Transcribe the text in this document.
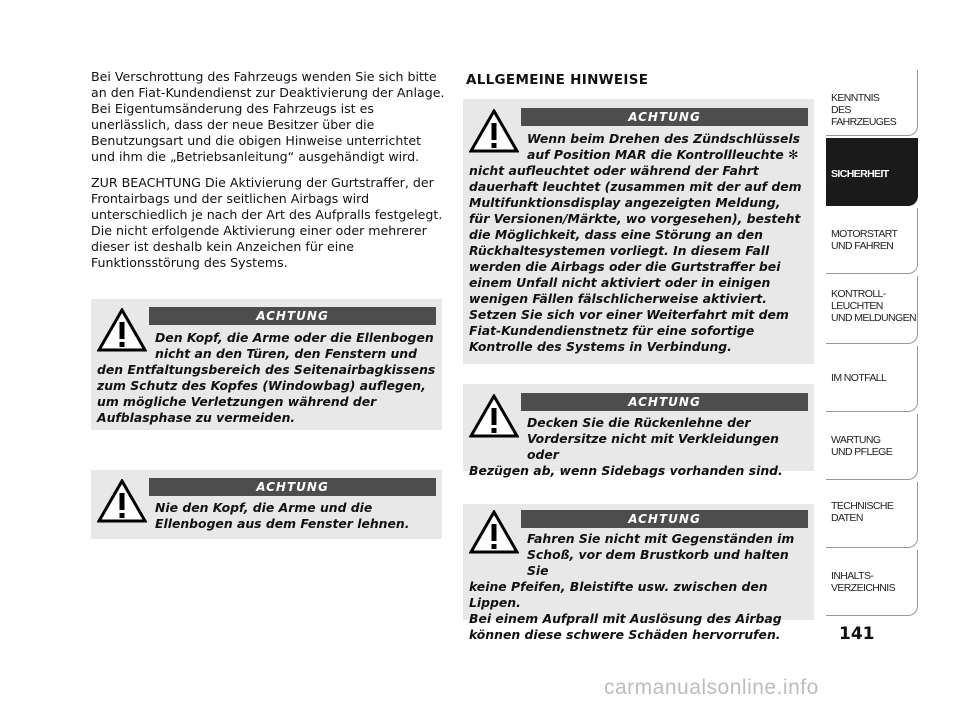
Bei Verschrottung des Fahrzeugs wenden Sie sich bitte an den Fiat-Kundendienst zur Deaktivierung der Anlage. Bei Eigentumsänderung des Fahrzeugs ist es unerlässlich, dass der neue Besitzer über die Benutzungsart und die obigen Hinweise unterrichtet und ihm die „Betriebsanleitung“ ausgehändigt wird.

ZUR BEACHTUNG Die Aktivierung der Gurtstraffer, der Frontairbags und der seitlichen Airbags wird unterschiedlich je nach der Art des Aufpralls festgelegt. Die nicht erfolgende Aktivierung einer oder mehrerer dieser ist deshalb kein Anzeichen für eine Funktionsstörung des Systems.

ALLGEMEINE HINWEISE
ACHTUNG
Den Kopf, die Arme oder die Ellenbogen
nicht an den Türen, den Fenstern und
den Entfaltungsbereich des Seitenairbagkissens
zum Schutz des Kopfes (Windowbag) auflegen,
um mögliche Verletzungen während der
Aufblasphase zu vermeiden.
ACHTUNG
Nie den Kopf, die Arme und die
Ellenbogen aus dem Fenster lehnen.
ACHTUNG
Wenn beim Drehen des Zündschlüssels
auf Position MAR die Kontrollleuchte ✻
nicht aufleuchtet oder während der Fahrt
dauerhaft leuchtet (zusammen mit der auf dem
Multifunktionsdisplay angezeigten Meldung,
für Versionen/Märkte, wo vorgesehen), besteht
die Möglichkeit, dass eine Störung an den
Rückhaltesystemen vorliegt. In diesem Fall
werden die Airbags oder die Gurtstraffer bei
einem Unfall nicht aktiviert oder in einigen
wenigen Fällen fälschlicherweise aktiviert.
Setzen Sie sich vor einer Weiterfahrt mit dem
Fiat-Kundendienstnetz für eine sofortige
Kontrolle des Systems in Verbindung.
ACHTUNG
Decken Sie die Rückenlehne der
Vordersitze nicht mit Verkleidungen oder
Bezügen ab, wenn Sidebags vorhanden sind.
ACHTUNG
Fahren Sie nicht mit Gegenständen im
Schoß, vor dem Brustkorb und halten Sie
keine Pfeifen, Bleistifte usw. zwischen den Lippen.
Bei einem Aufprall mit Auslösung des Airbag
können diese schwere Schäden hervorrufen.
KENNTNIS
DES FAHRZEUGES
SICHERHEIT
MOTORSTART
UND FAHREN
KONTROLL-
LEUCHTEN
UND MELDUNGEN
IM NOTFALL
WARTUNG
UND PFLEGE
TECHNISCHE
DATEN
INHALTS-
VERZEICHNIS
141
carmanualsonline.info
